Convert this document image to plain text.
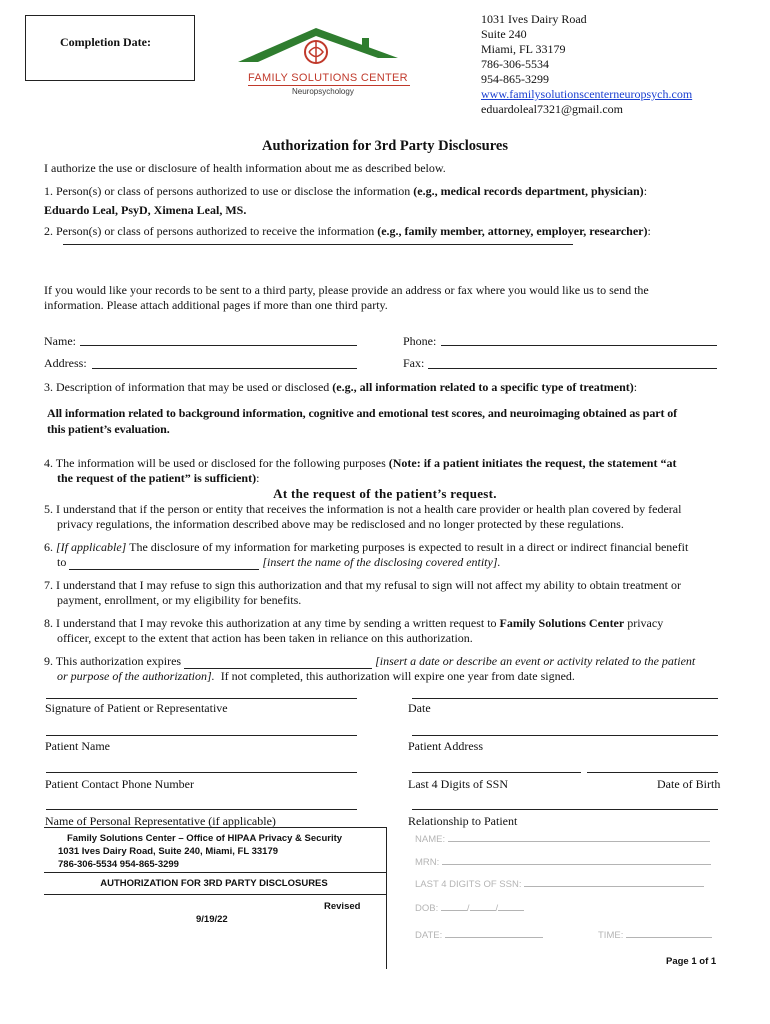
Completion Date:
FAMILY SOLUTIONS CENTER
Neuropsychology
1031 Ives Dairy Road
Suite 240
Miami, FL 33179
786-306-5534
954-865-3299
www.familysolutionscenterneuropsych.com
eduardoleal7321@gmail.com
Authorization for 3rd Party Disclosures
I authorize the use or disclosure of health information about me as described below.
1. Person(s) or class of persons authorized to use or disclose the information (e.g., medical records department, physician):
Eduardo Leal, PsyD, Ximena Leal, MS.
2. Person(s) or class of persons authorized to receive the information (e.g., family member, attorney, employer, researcher):
If you would like your records to be sent to a third party, please provide an address or fax where you would like us to send the
information. Please attach additional pages if more than one third party.
Name:	Phone:
Address:	Fax:
3. Description of information that may be used or disclosed (e.g., all information related to a specific type of treatment):
All information related to background information, cognitive and emotional test scores, and neuroimaging obtained as part of
this patient’s evaluation.
4. The information will be used or disclosed for the following purposes (Note: if a patient initiates the request, the statement “at
the request of the patient” is sufficient):
At the request of the patient’s request.
5. I understand that if the person or entity that receives the information is not a health care provider or health plan covered by federal
privacy regulations, the information described above may be redisclosed and no longer protected by these regulations.
6. [If applicable] The disclosure of my information for marketing purposes is expected to result in a direct or indirect financial benefit
to	[insert the name of the disclosing covered entity].
7. I understand that I may refuse to sign this authorization and that my refusal to sign will not affect my ability to obtain treatment or
payment, enrollment, or my eligibility for benefits.
8. I understand that I may revoke this authorization at any time by sending a written request to Family Solutions Center privacy
officer, except to the extent that action has been taken in reliance on this authorization.
9. This authorization expires	[insert a date or describe an event or activity related to the patient
or purpose of the authorization]. If not completed, this authorization will expire one year from date signed.
Signature of Patient or Representative	Date
Patient Name	Patient Address
Patient Contact Phone Number	Last 4 Digits of SSN	Date of Birth
Name of Personal Representative (if applicable)	Relationship to Patient
Family Solutions Center – Office of HIPAA Privacy & Security
1031 Ives Dairy Road, Suite 240, Miami, FL 33179
786-306-5534 954-865-3299
AUTHORIZATION FOR 3RD PARTY DISCLOSURES
Revised
9/19/22
NAME:
MRN:
LAST 4 DIGITS OF SSN:
DOB:	/	/
DATE:	TIME:
Page 1 of 1
